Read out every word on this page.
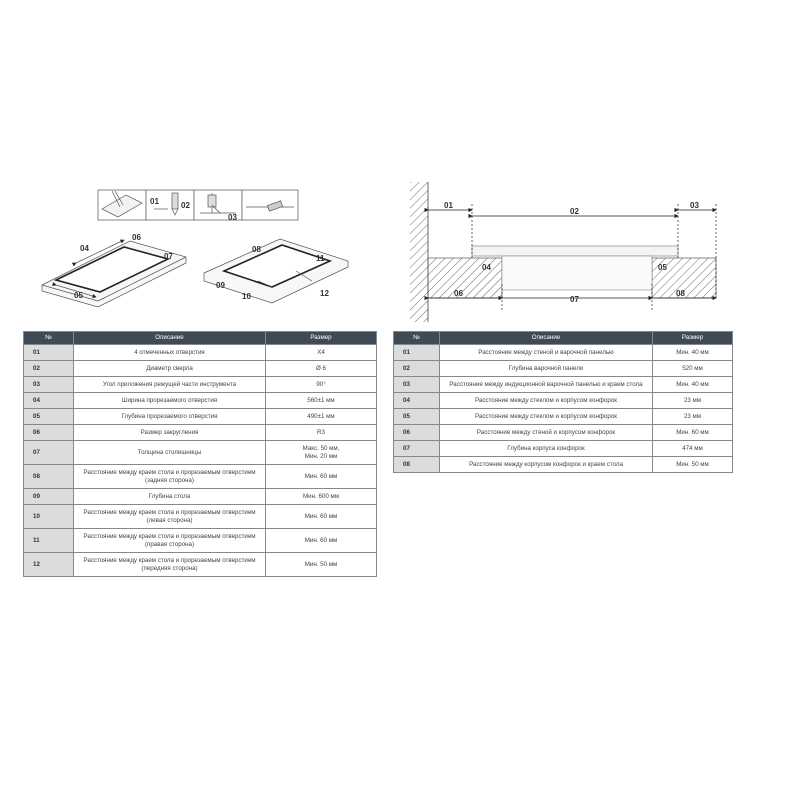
01	02
03
04
05
06
07
08
09
10
11
12
01
02
03
04	05
06
07
08
№	Описание	Размер
01	4 отмеченных отверстия	X4
02	Диаметр сверла	Ø 6
03	Угол приложения режущей части инструмента	90°
04	Ширина прорезаемого отверстия	560±1 мм
05	Глубина прорезаемого отверстия	490±1 мм
06	Размер закругления	R3
07	Толщина столешницы	Макс. 50 мм,
Мин. 20 мм
08	Расстояние между краем стола и прорезаемым отверстием
(задняя сторона)	Мин. 60 мм
09	Глубина стола	Мин. 600 мм
10	Расстояние между краем стола и прорезаемым отверстием
(левая сторона)	Мин. 60 мм
11	Расстояние между краем стола и прорезаемым отверстием
(правая сторона)	Мин. 60 мм
12	Расстояние между краем стола и прорезаемым отверстием
(передняя сторона)	Мин. 50 мм
№	Описание	Размер
01	Расстояние между стеной и варочной панелью	Мин. 40 мм
02	Глубина варочной панели	520 мм
03	Расстояние между индукционной варочной панелью и краем стола	Мин. 40 мм
04	Расстояние между стеклом и корпусом конфорок	23 мм
05	Расстояние между стеклом и корпусом конфорок	23 мм
06	Расстояние между стеной и корпусом конфорок	Мин. 60 мм
07	Глубина корпуса конфорок	474 мм
08	Расстояние между корпусом конфорок и краем стола	Мин. 50 мм
